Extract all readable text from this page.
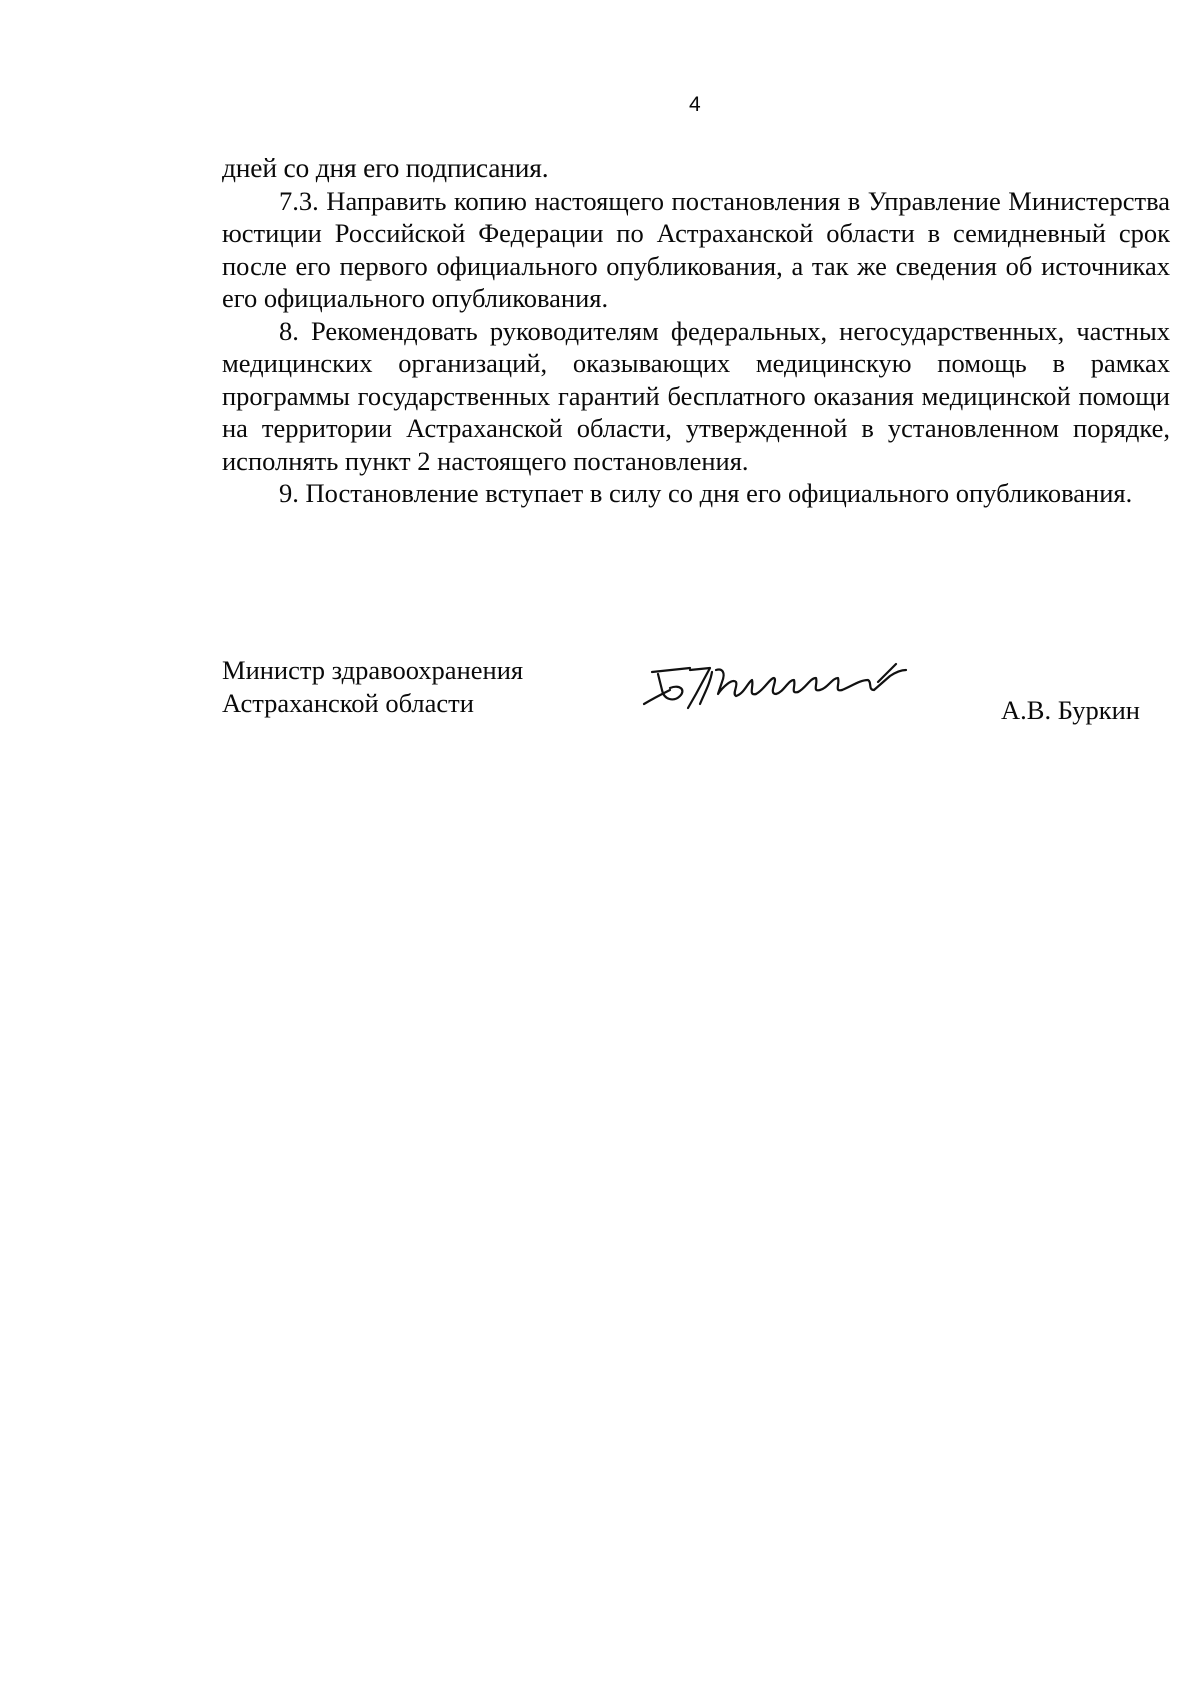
4

дней со дня его подписания.

7.3. Направить копию настоящего постановления в Управление Министерства юстиции Российской Федерации по Астраханской области в семидневный срок после его первого официального опубликования, а так же сведения об источниках его официального опубликования.

8. Рекомендовать руководителям федеральных, негосударственных, частных медицинских организаций, оказывающих медицинскую помощь в рамках программы государственных гарантий бесплатного оказания медицинской помощи на территории Астраханской области, утвержденной в установленном порядке, исполнять пункт 2 настоящего постановления.

9. Постановление вступает в силу со дня его официального опубликования.

Министр здравоохранения
Астраханской области	А.В. Буркин
